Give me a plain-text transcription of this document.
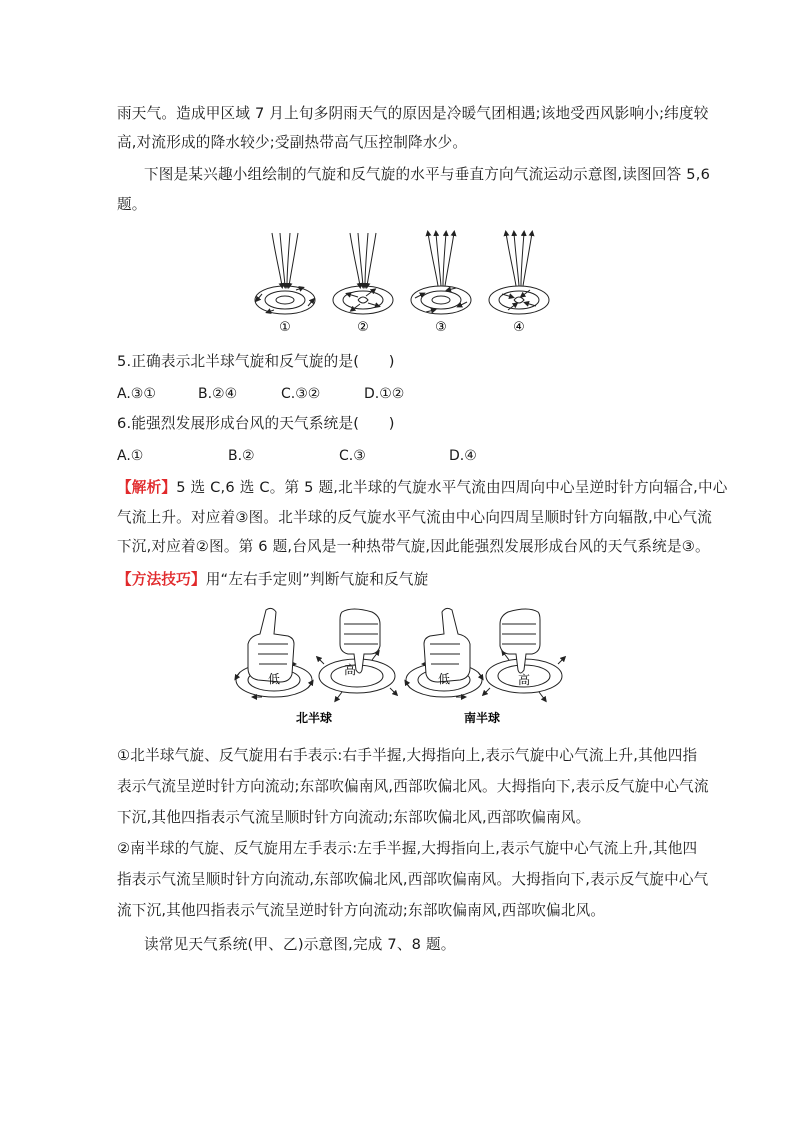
雨天气。造成甲区域 7 月上旬多阴雨天气的原因是冷暖气团相遇;该地受西风影响小;纬度较
高,对流形成的降水较少;受副热带高气压控制降水少。
下图是某兴趣小组绘制的气旋和反气旋的水平与垂直方向气流运动示意图,读图回答 5,6
题。
①	②	③	④
5.正确表示北半球气旋和反气旋的是(　　)
A.③①	B.②④	C.③②	D.①②
6.能强烈发展形成台风的天气系统是(　　)
A.①	B.②	C.③	D.④
【解析】5 选 C,6 选 C。第 5 题,北半球的气旋水平气流由四周向中心呈逆时针方向辐合,中心
气流上升。对应着③图。北半球的反气旋水平气流由中心向四周呈顺时针方向辐散,中心气流
下沉,对应着②图。第 6 题,台风是一种热带气旋,因此能强烈发展形成台风的天气系统是③。
【方法技巧】用“左右手定则”判断气旋和反气旋
低
高
低	高
北半球	南半球
①北半球气旋、反气旋用右手表示:右手半握,大拇指向上,表示气旋中心气流上升,其他四指
表示气流呈逆时针方向流动;东部吹偏南风,西部吹偏北风。大拇指向下,表示反气旋中心气流
下沉,其他四指表示气流呈顺时针方向流动;东部吹偏北风,西部吹偏南风。
②南半球的气旋、反气旋用左手表示:左手半握,大拇指向上,表示气旋中心气流上升,其他四
指表示气流呈顺时针方向流动,东部吹偏北风,西部吹偏南风。大拇指向下,表示反气旋中心气
流下沉,其他四指表示气流呈逆时针方向流动;东部吹偏南风,西部吹偏北风。
读常见天气系统(甲、乙)示意图,完成 7、8 题。
